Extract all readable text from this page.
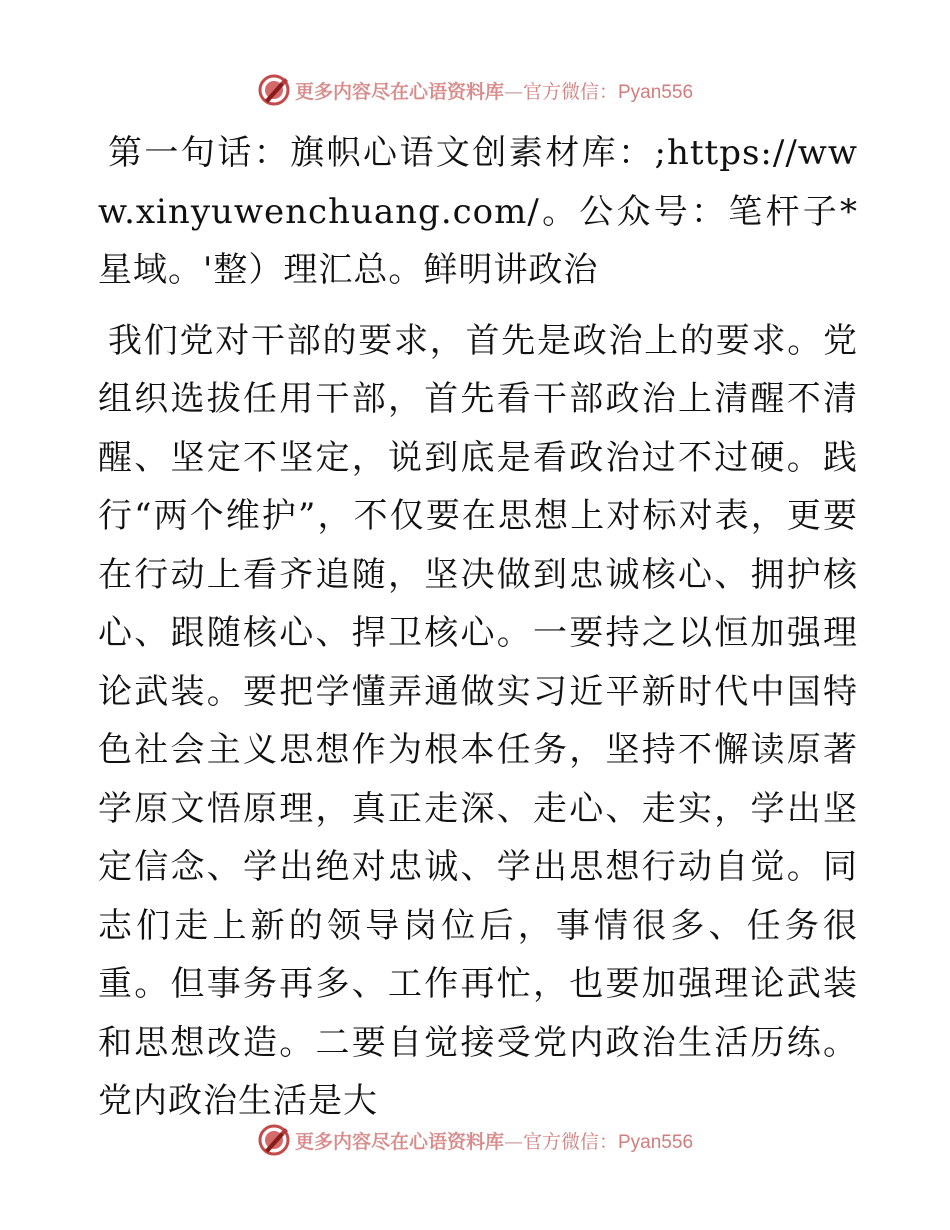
更多内容尽在心语资料库—官方微信：Pyan556

第一句话：旗帜心语文创素材库：;https://www.xinyuwenchuang.com/。公众号：笔杆子*星域。'整）理汇总。鲜明讲政治

我们党对干部的要求，首先是政治上的要求。党组织选拔任用干部，首先看干部政治上清醒不清醒、坚定不坚定，说到底是看政治过不过硬。践行“两个维护”，不仅要在思想上对标对表，更要在行动上看齐追随，坚决做到忠诚核心、拥护核心、跟随核心、捍卫核心。一要持之以恒加强理论武装。要把学懂弄通做实习近平新时代中国特色社会主义思想作为根本任务，坚持不懈读原著学原文悟原理，真正走深、走心、走实，学出坚定信念、学出绝对忠诚、学出思想行动自觉。同志们走上新的领导岗位后，事情很多、任务很重。但事务再多、工作再忙，也要加强理论武装和思想改造。二要自觉接受党内政治生活历练。党内政治生活是大

更多内容尽在心语资料库—官方微信：Pyan556
